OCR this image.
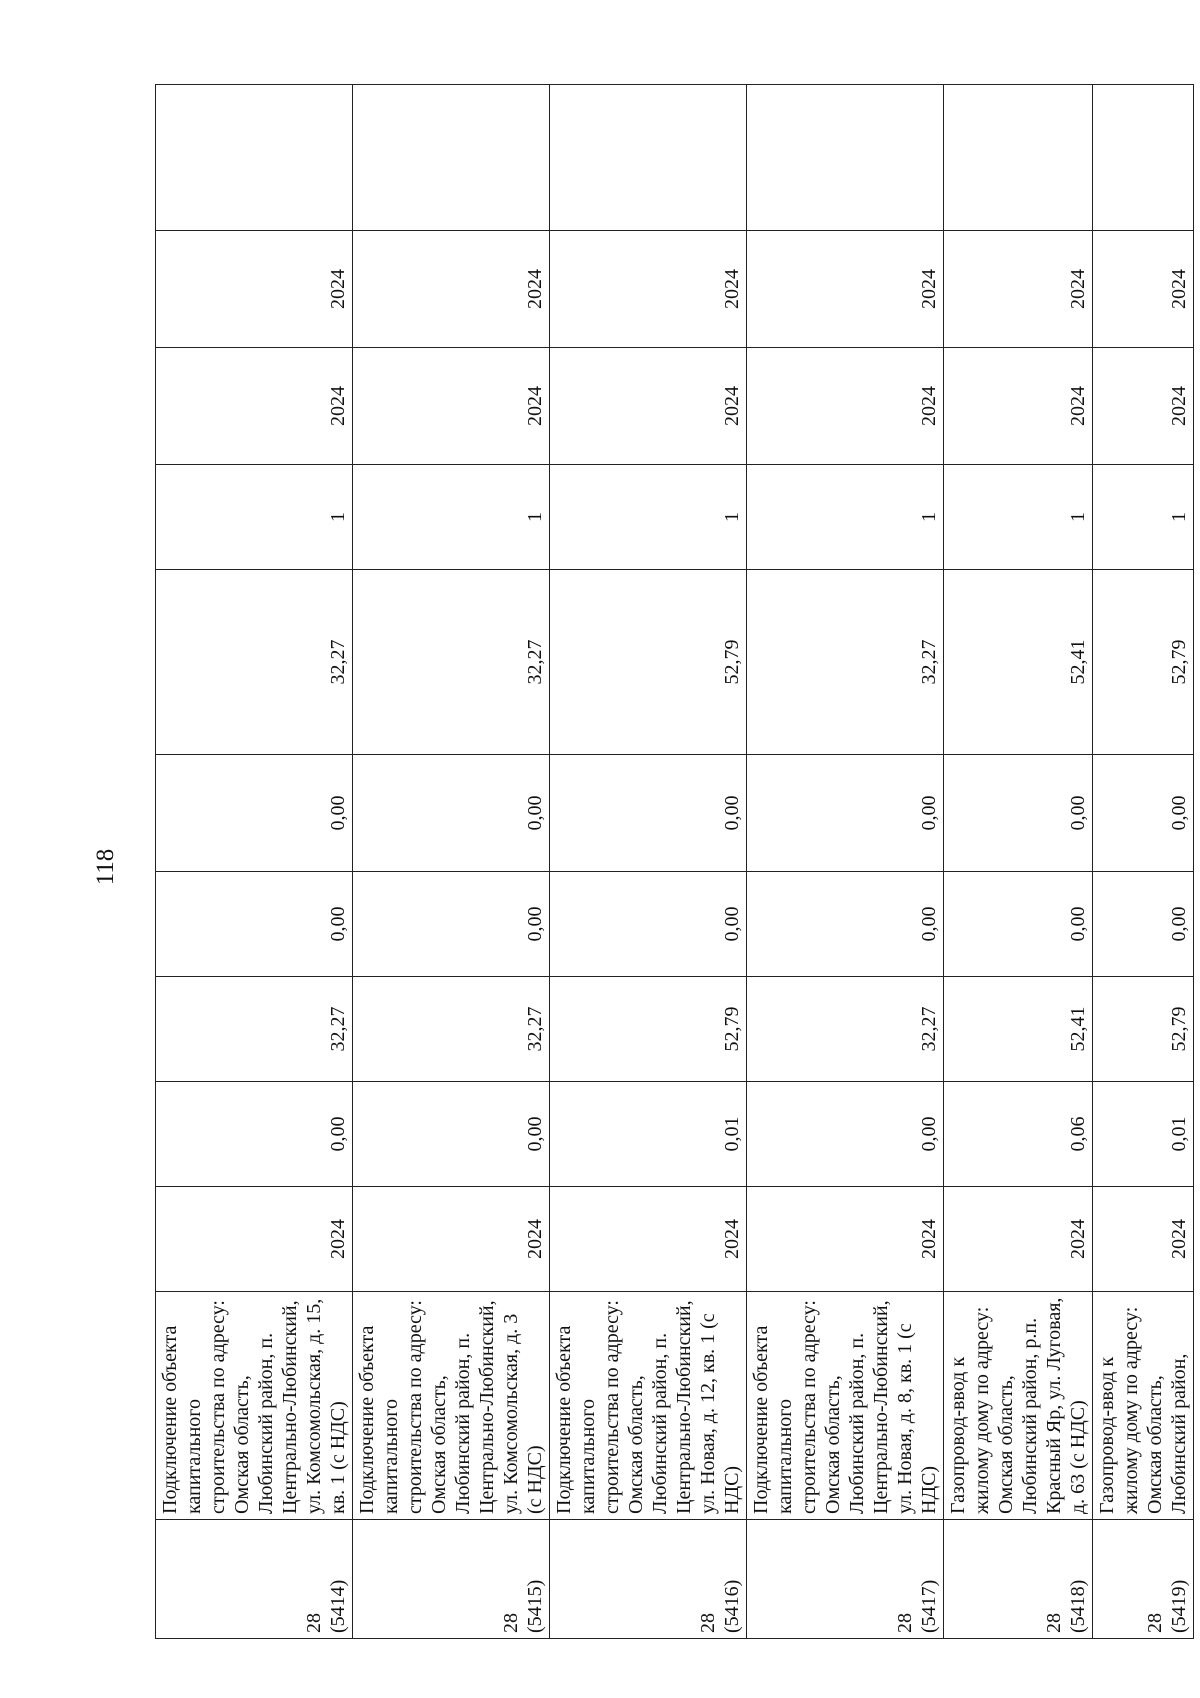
118
28 (5414)	Подключение объекта капитального строительства по адресу: Омская область, Любинский район, п. Центрально-Любинский, ул. Комсомольская, д. 15, кв. 1 (с НДС)	2024	0,00	32,27	0,00	0,00	32,27	1	2024	2024	

28 (5415)	Подключение объекта капитального строительства по адресу: Омская область, Любинский район, п. Центрально-Любинский, ул. Комсомольская, д. 3 (с НДС)	2024	0,00	32,27	0,00	0,00	32,27	1	2024	2024	

28 (5416)	Подключение объекта капитального строительства по адресу: Омская область, Любинский район, п. Центрально-Любинский, ул. Новая, д. 12, кв. 1 (с НДС)	2024	0,01	52,79	0,00	0,00	52,79	1	2024	2024	

28 (5417)	Подключение объекта капитального строительства по адресу: Омская область, Любинский район, п. Центрально-Любинский, ул. Новая, д. 8, кв. 1 (с НДС)	2024	0,00	32,27	0,00	0,00	32,27	1	2024	2024	

28 (5418)	Газопровод-ввод к жилому дому по адресу: Омская область, Любинский район, р.п. Красный Яр, ул. Луговая, д. 63 (с НДС)	2024	0,06	52,41	0,00	0,00	52,41	1	2024	2024	

28 (5419)	Газопровод-ввод к жилому дому по адресу: Омская область, Любинский район,	2024	0,01	52,79	0,00	0,00	52,79	1	2024	2024	
